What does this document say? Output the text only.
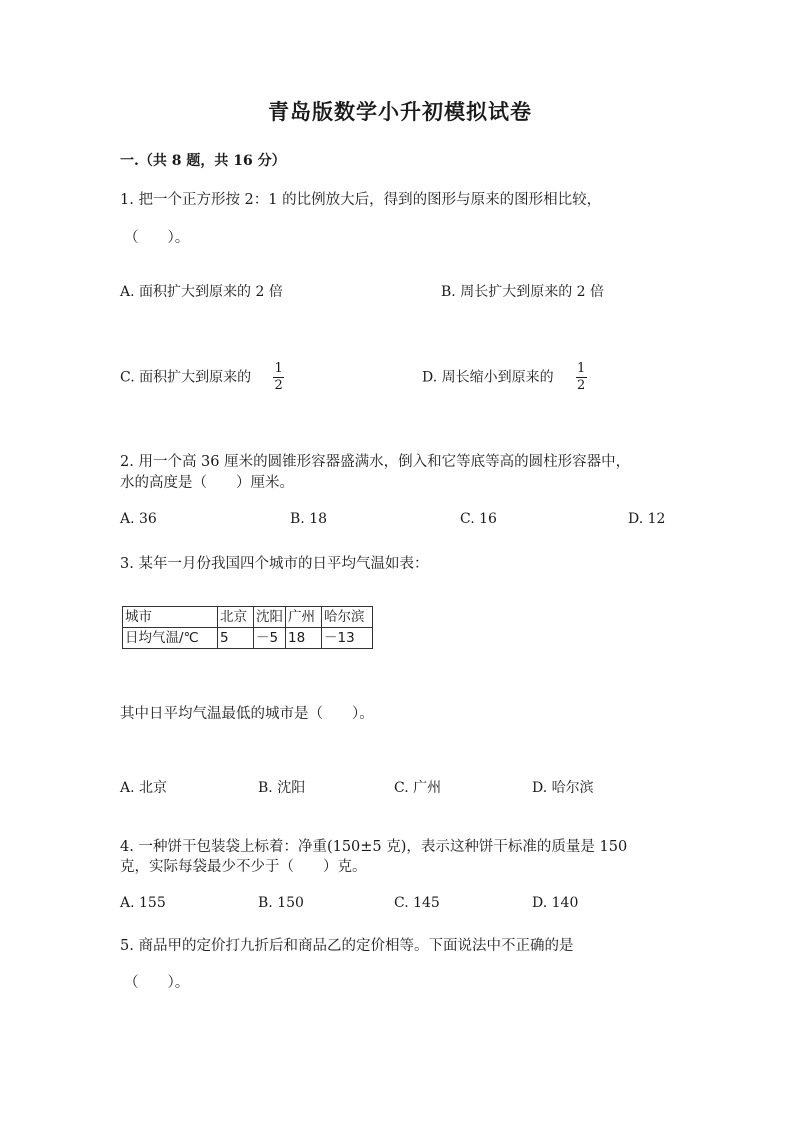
青岛版数学小升初模拟试卷
一.（共 8 题，共 16 分）
1. 把一个正方形按 2：1 的比例放大后，得到的图形与原来的图形相比较，
（　　）。
A. 面积扩大到原来的 2 倍	B. 周长扩大到原来的 2 倍
C. 面积扩大到原来的 $\frac{1}{2}$	D. 周长缩小到原来的 $\frac{1}{2}$
2. 用一个高 36 厘米的圆锥形容器盛满水，倒入和它等底等高的圆柱形容器中，
水的高度是（　　）厘米。
A. 36	B. 18	C. 16	D. 12
3. 某年一月份我国四个城市的日平均气温如表：
城市	北京	沈阳	广州	哈尔滨
日均气温/℃	5	－5	18	－13
其中日平均气温最低的城市是（　　）。
A. 北京	B. 沈阳	C. 广州	D. 哈尔滨
4. 一种饼干包装袋上标着：净重(150±5 克)，表示这种饼干标准的质量是 150
克，实际每袋最少不少于（　　）克。
A. 155	B. 150	C. 145	D. 140
5. 商品甲的定价打九折后和商品乙的定价相等。下面说法中不正确的是
（　　）。
